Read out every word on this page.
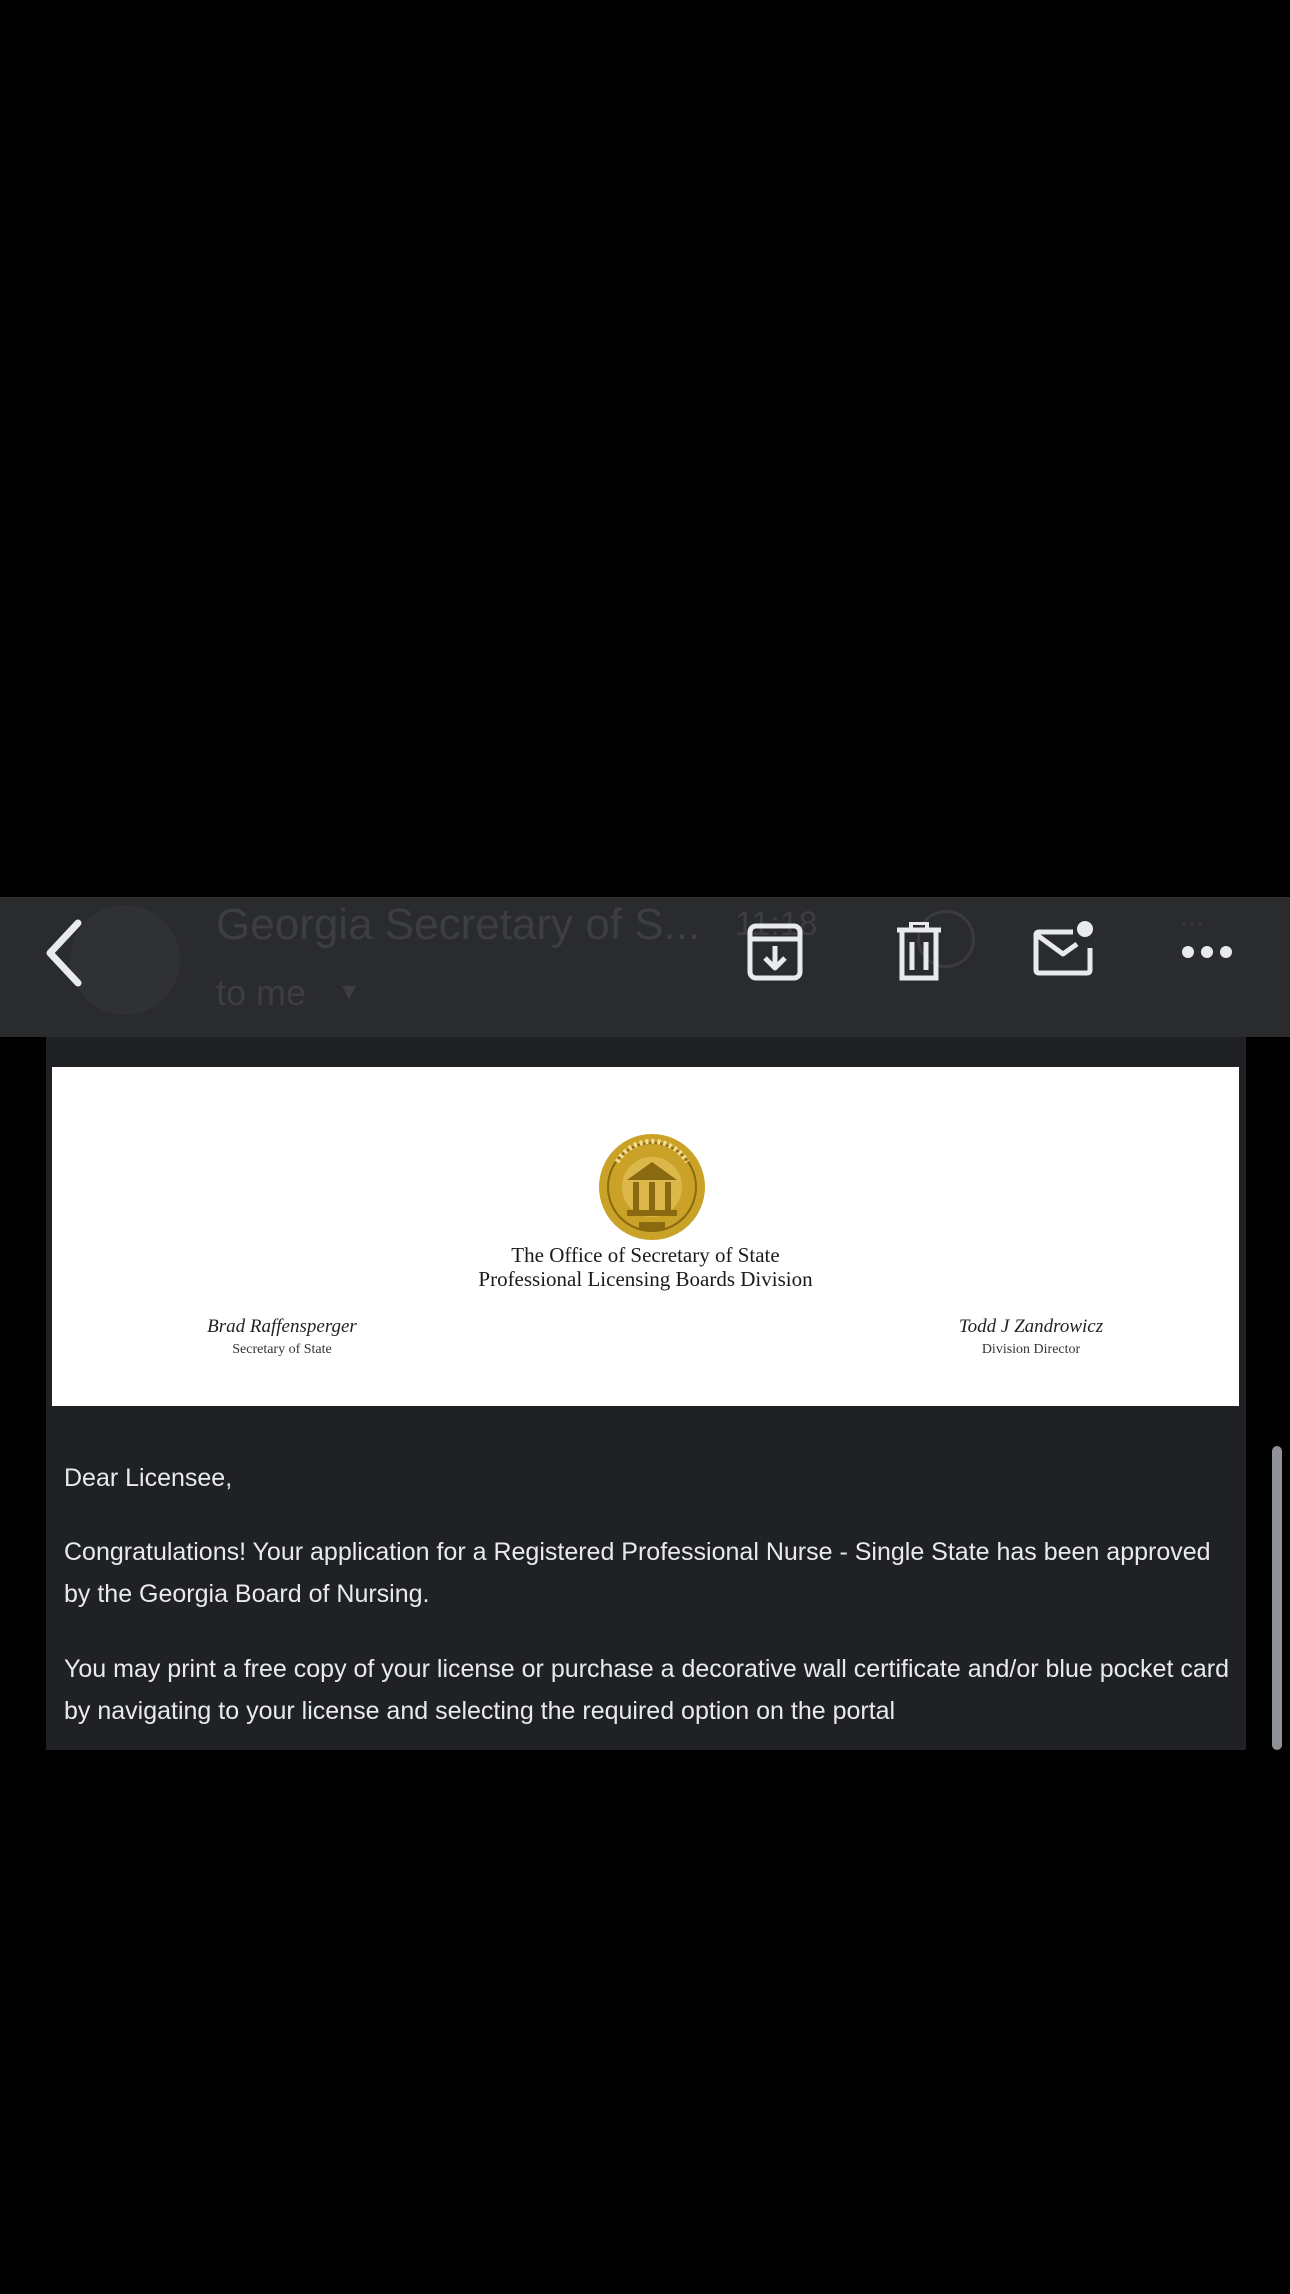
Georgia Secretary of S... 11:18
to me ▾
···
The Office of Secretary of State
Professional Licensing Boards Division
Brad Raffensperger
Secretary of State
Todd J Zandrowicz
Division Director

Dear Licensee,

Congratulations! Your application for a Registered Professional Nurse - Single State has been approved by the Georgia Board of Nursing.

You may print a free copy of your license or purchase a decorative wall certificate and/or blue pocket card by navigating to your license and selecting the required option on the portal
